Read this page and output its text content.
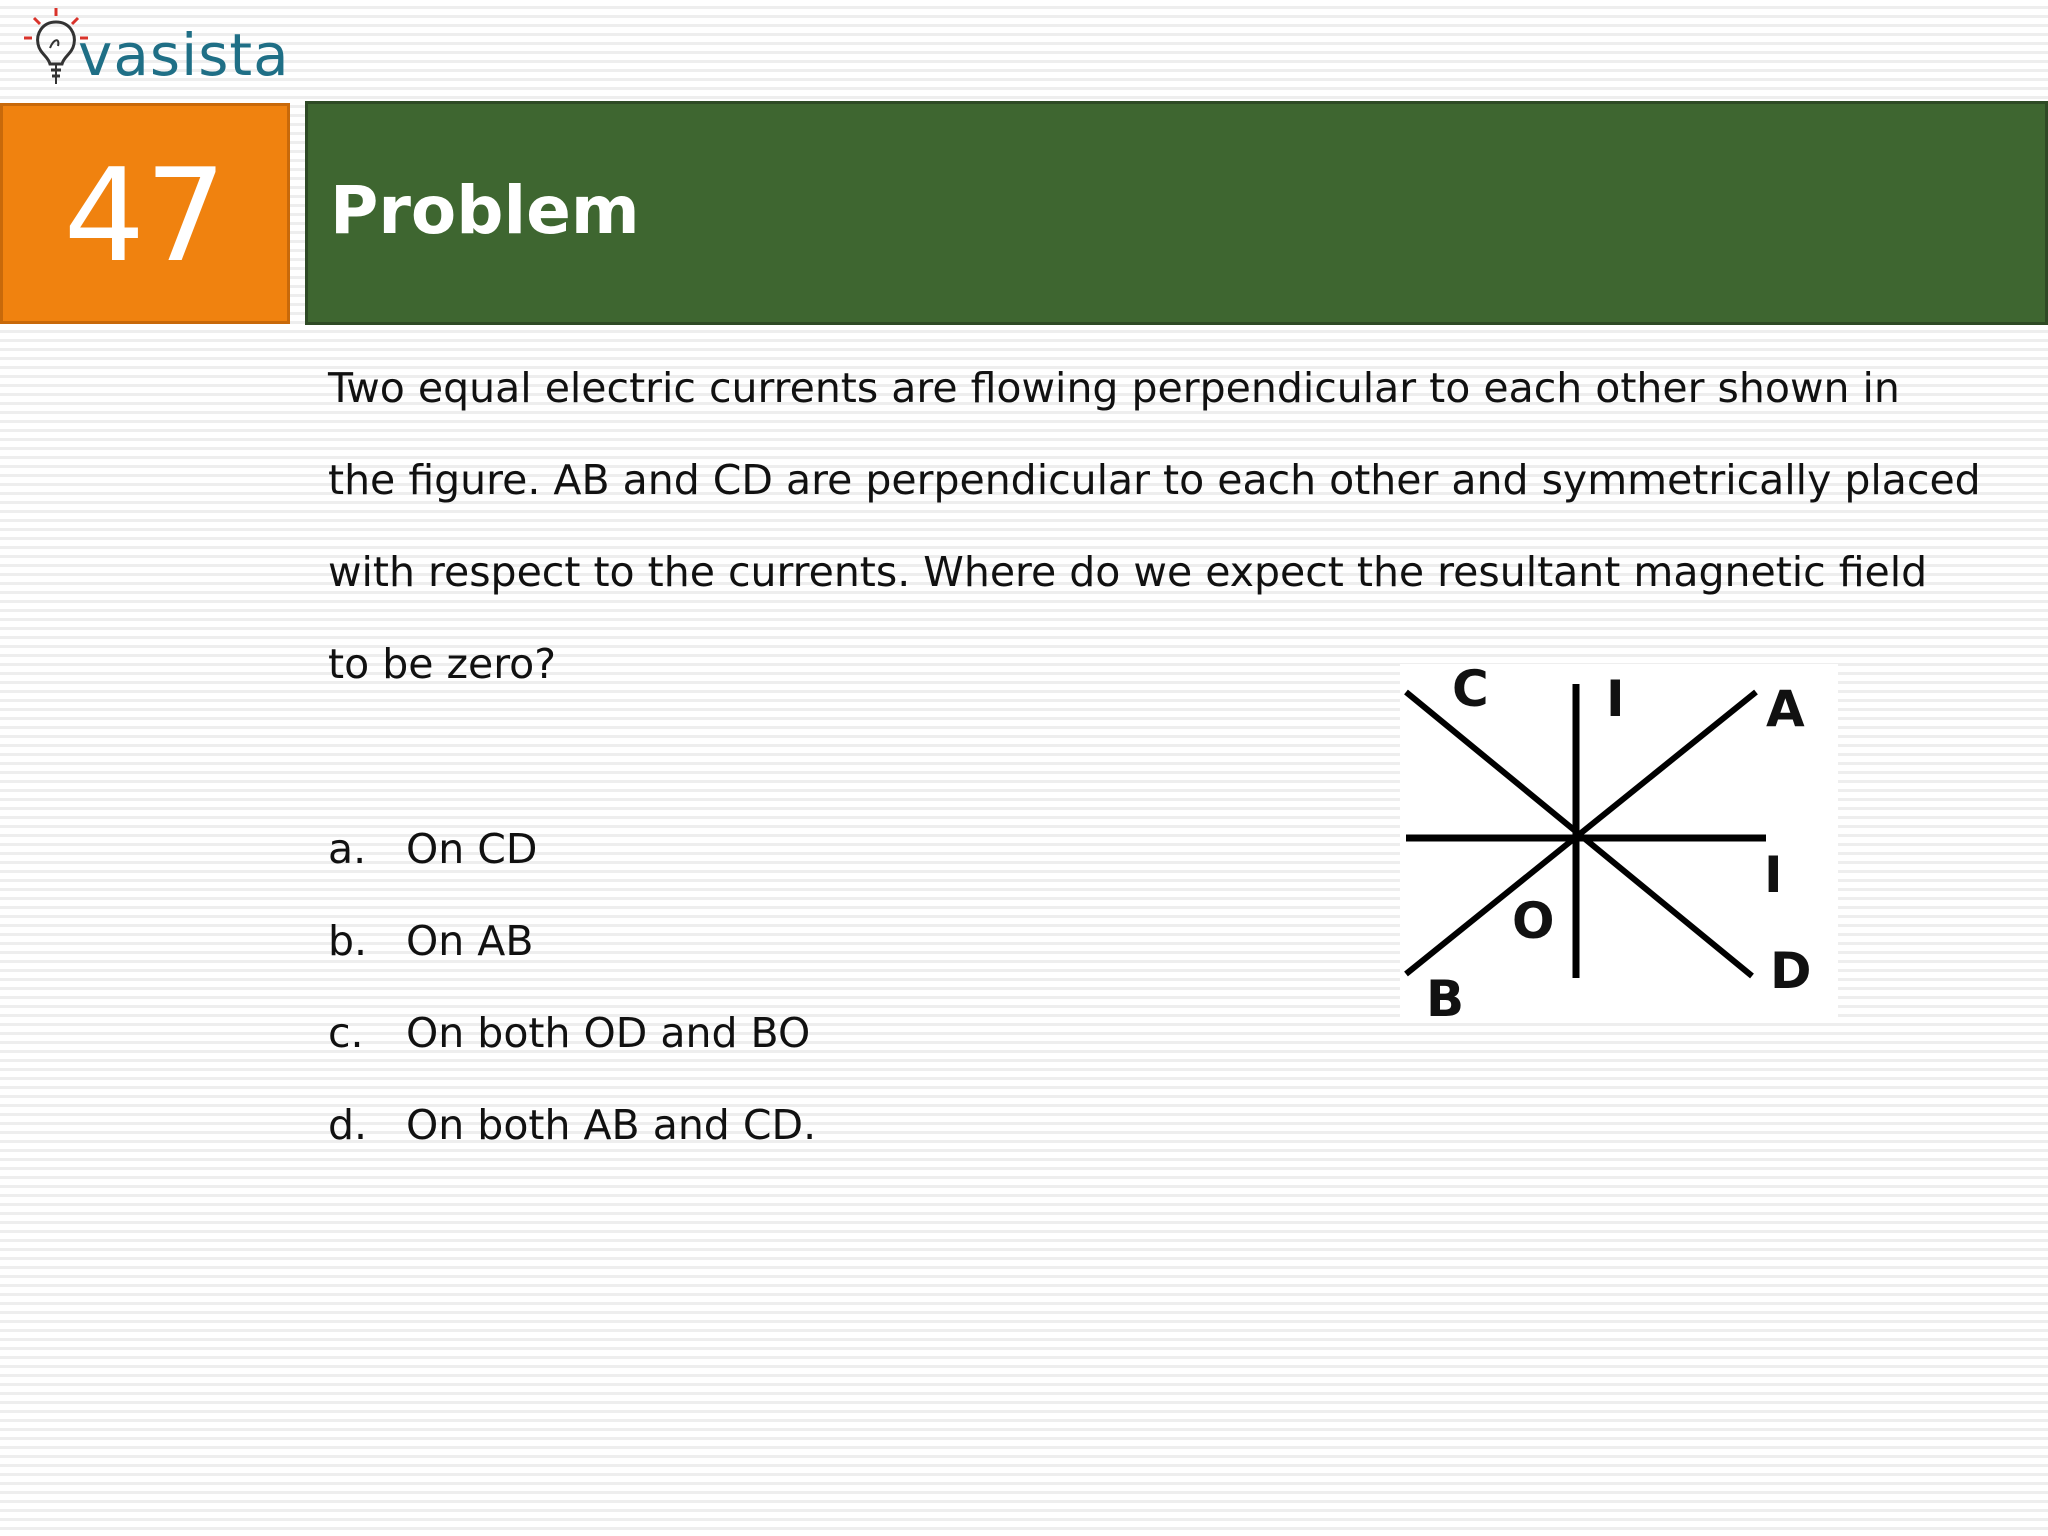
vasista
47 Problem

Two equal electric currents are flowing perpendicular to each other shown in
the figure. AB and CD are perpendicular to each other and symmetrically placed
with respect to the currents. Where do we expect the resultant magnetic field
to be zero?

a. On CD
b. On AB
c.	On both OD and BO
d. On both AB and CD.
C I	A
I
O
D
B
